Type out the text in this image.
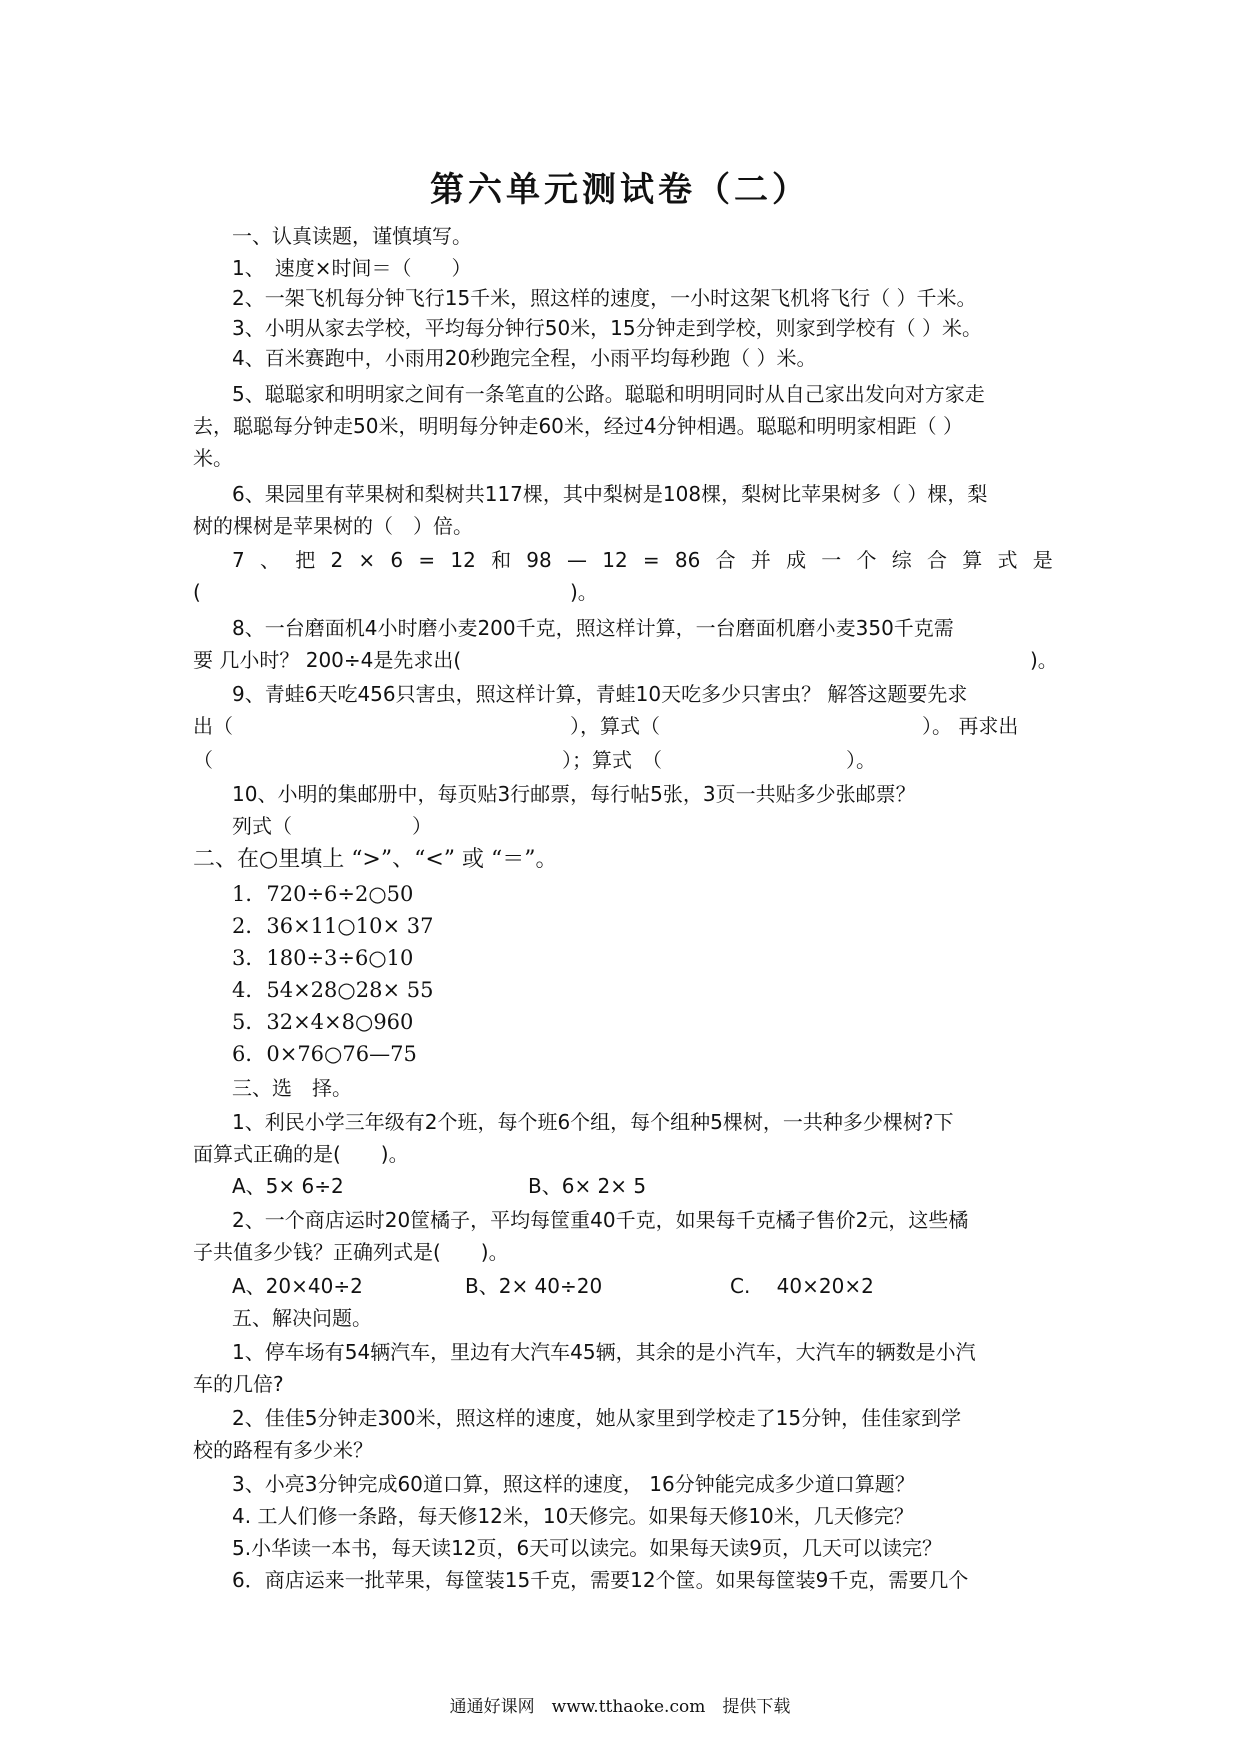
第六单元测试卷（二）
一、认真读题，谨慎填写。
1、　速度×时间＝（　　）
2、一架飞机每分钟飞行15千米，照这样的速度，一小时这架飞机将飞行（ ）千米。
3、小明从家去学校，平均每分钟行50米，15分钟走到学校，则家到学校有（ ）米。
4、百米赛跑中，小雨用20秒跑完全程，小雨平均每秒跑（ ）米。
5、聪聪家和明明家之间有一条笔直的公路。聪聪和明明同时从自己家出发向对方家走
去，聪聪每分钟走50米，明明每分钟走60米，经过4分钟相遇。聪聪和明明家相距（ ）
米。
6、果园里有苹果树和梨树共117棵，其中梨树是108棵，梨树比苹果树多（ ）棵，梨
树的棵树是苹果树的（　）倍。
7 、 把 2 × 6 = 12 和 98 — 12 = 86 合 并 成 一 个 综 合 算 式 是
(	)。
8、一台磨面机4小时磨小麦200千克，照这样计算，一台磨面机磨小麦350千克需
要 几小时？ 200÷4是先求出(	)。
9、青蛙6天吃456只害虫，照这样计算，青蛙10天吃多少只害虫？ 解答这题要先求
出（	），算式（	）。 再求出
（	）；算式　（	）。
10、小明的集邮册中，每页贴3行邮票，每行帖5张，3页一共贴多少张邮票？
列式（　　　　　　）
二、在○里填上 “>”、“<” 或 “＝”。
1．720÷6÷2○50
2．36×11○10× 37
3．180÷3÷6○10
4．54×28○28× 55
5．32×4×8○960
6．0×76○76—75
三、选　择。
1、利民小学三年级有2个班，每个班6个组，每个组种5棵树，一共种多少棵树?下
面算式正确的是(　　)。
A、5× 6÷2	B、6× 2× 5
2、一个商店运时20筐橘子，平均每筐重40千克，如果每千克橘子售价2元，这些橘
子共值多少钱？正确列式是(　　)。
A、20×40÷2	B、2× 40÷20	C.　 40×20×2
五、解决问题。
1、停车场有54辆汽车，里边有大汽车45辆，其余的是小汽车，大汽车的辆数是小汽
车的几倍?
2、佳佳5分钟走300米，照这样的速度，她从家里到学校走了15分钟，佳佳家到学
校的路程有多少米？
3、小亮3分钟完成60道口算，照这样的速度， 16分钟能完成多少道口算题？
4. 工人们修一条路，每天修12米，10天修完。如果每天修10米，几天修完？
5.小华读一本书，每天读12页，6天可以读完。如果每天读9页，几天可以读完？
6．商店运来一批苹果，每筐装15千克，需要12个筐。如果每筐装9千克，需要几个
通通好课网　www.tthaoke.com　提供下载
